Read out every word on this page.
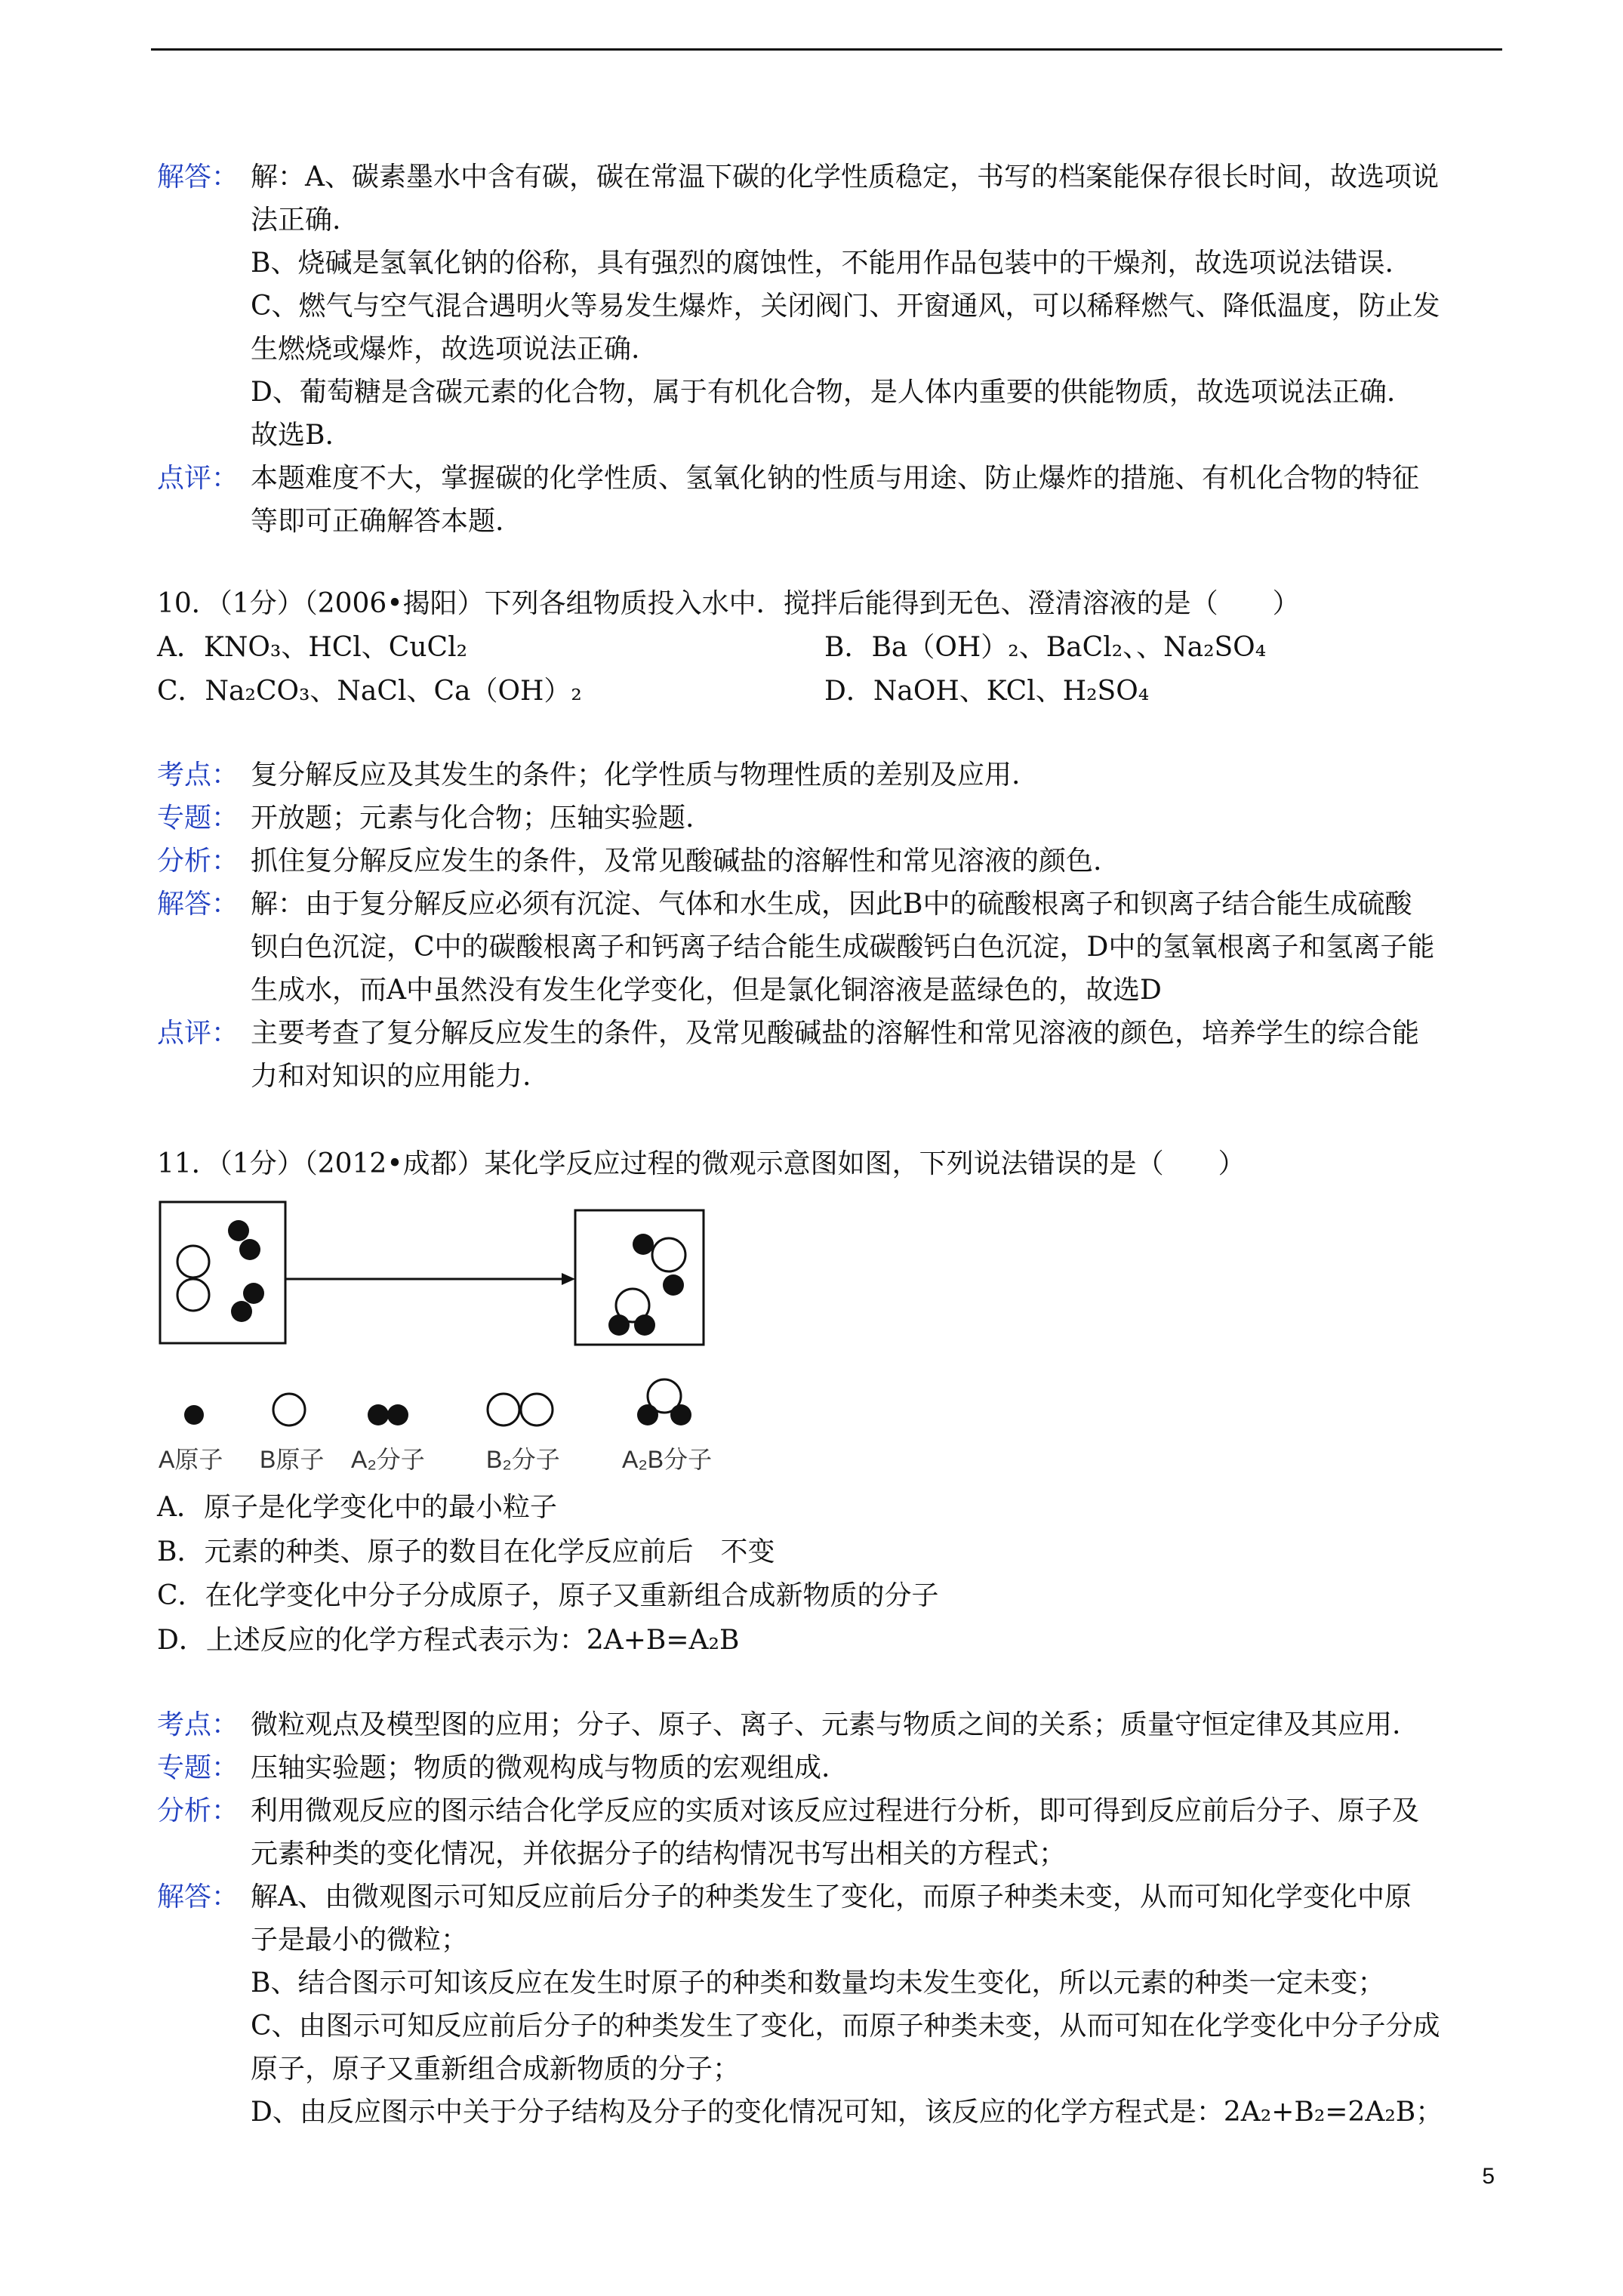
解答： 解：A、碳素墨水中含有碳，碳在常温下碳的化学性质稳定，书写的档案能保存很长时间，故选项说
法正确.
B、烧碱是氢氧化钠的俗称，具有强烈的腐蚀性，不能用作品包装中的干燥剂，故选项说法错误.
C、燃气与空气混合遇明火等易发生爆炸，关闭阀门、开窗通风，可以稀释燃气、降低温度，防止发
生燃烧或爆炸，故选项说法正确.
D、葡萄糖是含碳元素的化合物，属于有机化合物，是人体内重要的供能物质，故选项说法正确.
故选B.
点评： 本题难度不大，掌握碳的化学性质、氢氧化钠的性质与用途、防止爆炸的措施、有机化合物的特征
等即可正确解答本题.
10．（1分）（2006•揭阳）下列各组物质投入水中．搅拌后能得到无色、澄清溶液的是（　　）
A．KNO₃、HCl、CuCl₂	B．Ba（OH）₂、BaCl₂、、Na₂SO₄
C．Na₂CO₃、NaCl、Ca（OH）₂	D．NaOH、KCl、H₂SO₄
考点： 复分解反应及其发生的条件；化学性质与物理性质的差别及应用.
专题： 开放题；元素与化合物；压轴实验题.
分析： 抓住复分解反应发生的条件，及常见酸碱盐的溶解性和常见溶液的颜色.
解答： 解：由于复分解反应必须有沉淀、气体和水生成，因此B中的硫酸根离子和钡离子结合能生成硫酸
钡白色沉淀，C中的碳酸根离子和钙离子结合能生成碳酸钙白色沉淀，D中的氢氧根离子和氢离子能
生成水，而A中虽然没有发生化学变化，但是氯化铜溶液是蓝绿色的，故选D
点评： 主要考查了复分解反应发生的条件，及常见酸碱盐的溶解性和常见溶液的颜色，培养学生的综合能
力和对知识的应用能力.
11．（1分）（2012•成都）某化学反应过程的微观示意图如图，下列说法错误的是（　　）
A原子 B原子 A₂分子	B₂分子	A₂B分子
A．原子是化学变化中的最小粒子
B．元素的种类、原子的数目在化学反应前后　不变
C．在化学变化中分子分成原子，原子又重新组合成新物质的分子
D．上述反应的化学方程式表示为：2A+B=A₂B
考点： 微粒观点及模型图的应用；分子、原子、离子、元素与物质之间的关系；质量守恒定律及其应用.
专题： 压轴实验题；物质的微观构成与物质的宏观组成.
分析： 利用微观反应的图示结合化学反应的实质对该反应过程进行分析，即可得到反应前后分子、原子及
元素种类的变化情况，并依据分子的结构情况书写出相关的方程式；
解答： 解A、由微观图示可知反应前后分子的种类发生了变化，而原子种类未变，从而可知化学变化中原
子是最小的微粒；
B、结合图示可知该反应在发生时原子的种类和数量均未发生变化，所以元素的种类一定未变；
C、由图示可知反应前后分子的种类发生了变化，而原子种类未变，从而可知在化学变化中分子分成
原子，原子又重新组合成新物质的分子；
D、由反应图示中关于分子结构及分子的变化情况可知，该反应的化学方程式是：2A₂+B₂=2A₂B；
5
